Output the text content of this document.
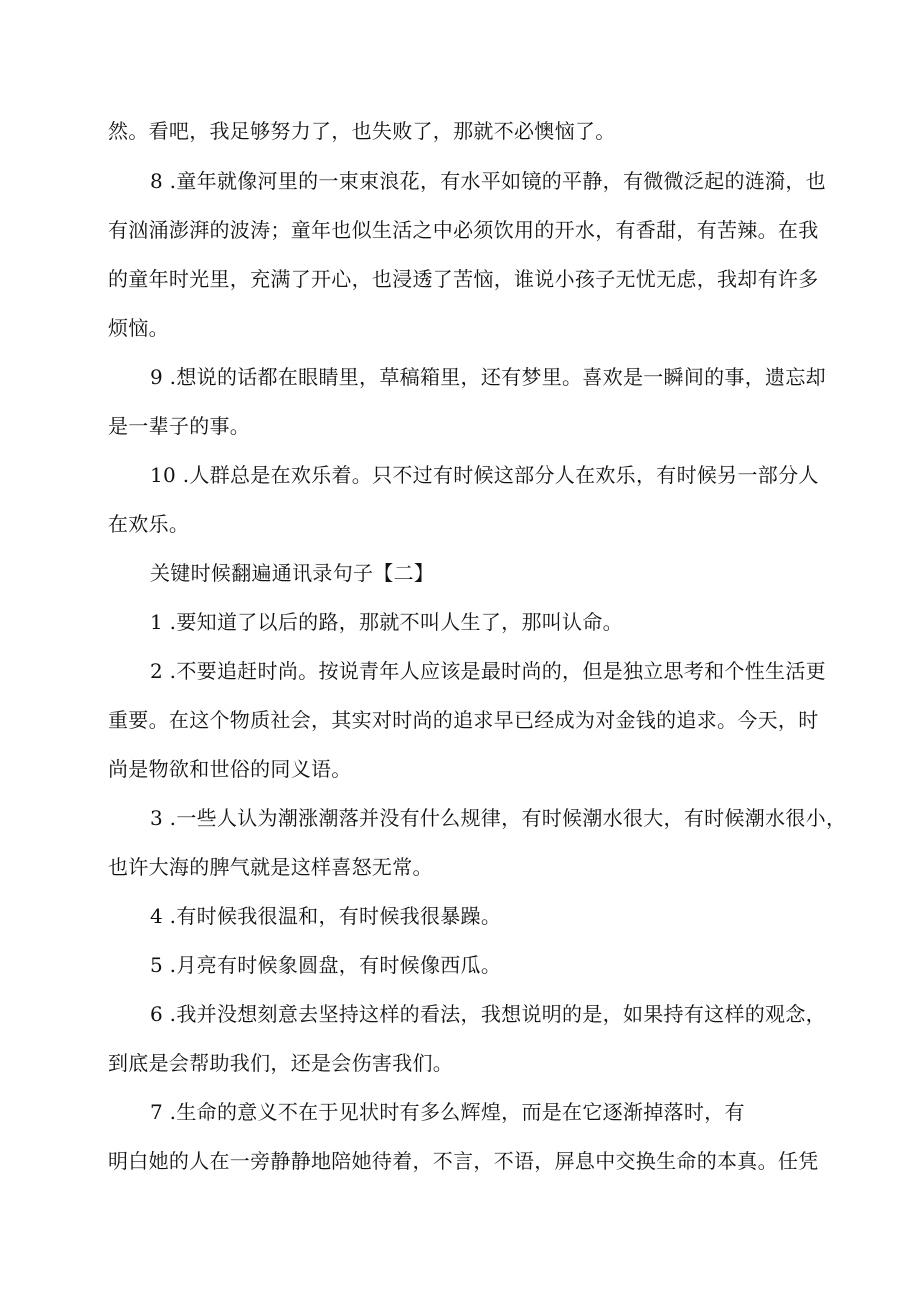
然。看吧，我足够努力了，也失败了，那就不必懊恼了。
8 .童年就像河里的一束束浪花，有水平如镜的平静，有微微泛起的涟漪，也
有汹涌澎湃的波涛；童年也似生活之中必须饮用的开水，有香甜，有苦辣。在我
的童年时光里，充满了开心，也浸透了苦恼，谁说小孩子无忧无虑，我却有许多
烦恼。
9 .想说的话都在眼睛里，草稿箱里，还有梦里。喜欢是一瞬间的事，遗忘却
是一辈子的事。
10 .人群总是在欢乐着。只不过有时候这部分人在欢乐，有时候另一部分人
在欢乐。
关键时候翻遍通讯录句子【二】
1 .要知道了以后的路，那就不叫人生了，那叫认命。
2 .不要追赶时尚。按说青年人应该是最时尚的，但是独立思考和个性生活更
重要。在这个物质社会，其实对时尚的追求早已经成为对金钱的追求。今天，时
尚是物欲和世俗的同义语。
3 .一些人认为潮涨潮落并没有什么规律，有时候潮水很大，有时候潮水很小，
也许大海的脾气就是这样喜怒无常。
4 .有时候我很温和，有时候我很暴躁。
5 .月亮有时候象圆盘，有时候像西瓜。
6 .我并没想刻意去坚持这样的看法，我想说明的是，如果持有这样的观念，
到底是会帮助我们，还是会伤害我们。
7 .生命的意义不在于见状时有多么辉煌，而是在它逐渐掉落时，有
明白她的人在一旁静静地陪她待着，不言，不语，屏息中交换生命的本真。任凭
